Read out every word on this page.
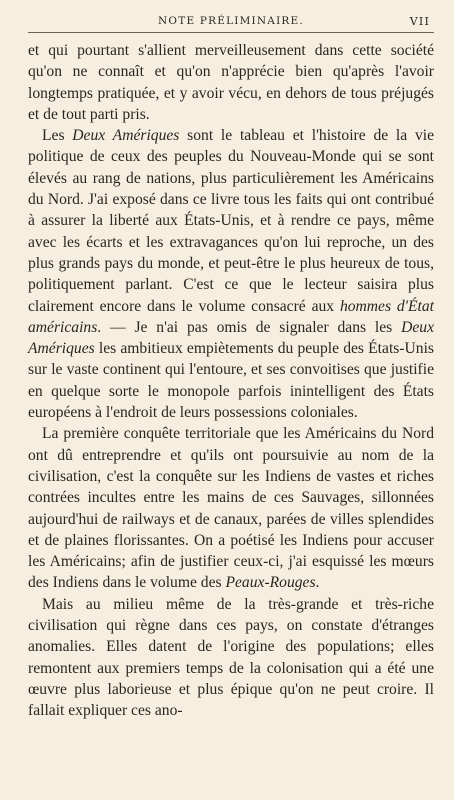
NOTE PRÉLIMINAIRE.	VII

et qui pourtant s'allient merveilleusement dans cette société qu'on ne connaît et qu'on n'apprécie bien qu'après l'avoir longtemps pratiquée, et y avoir vécu, en dehors de tous préjugés et de tout parti pris.

Les Deux Amériques sont le tableau et l'histoire de la vie politique de ceux des peuples du Nouveau-Monde qui se sont élevés au rang de nations, plus particulièrement les Américains du Nord. J'ai exposé dans ce livre tous les faits qui ont contribué à assurer la liberté aux États-Unis, et à rendre ce pays, même avec les écarts et les extravagances qu'on lui reproche, un des plus grands pays du monde, et peut-être le plus heureux de tous, politiquement parlant. C'est ce que le lecteur saisira plus clairement encore dans le volume consacré aux hommes d'État américains. — Je n'ai pas omis de signaler dans les Deux Amériques les ambitieux empiètements du peuple des États-Unis sur le vaste continent qui l'entoure, et ses convoitises que justifie en quelque sorte le monopole parfois inintelligent des États européens à l'endroit de leurs possessions coloniales.

La première conquête territoriale que les Américains du Nord ont dû entreprendre et qu'ils ont poursuivie au nom de la civilisation, c'est la conquête sur les Indiens de vastes et riches contrées incultes entre les mains de ces Sauvages, sillonnées aujourd'hui de railways et de canaux, parées de villes splendides et de plaines florissantes. On a poétisé les Indiens pour accuser les Américains; afin de justifier ceux-ci, j'ai esquissé les mœurs des Indiens dans le volume des Peaux-Rouges.

Mais au milieu même de la très-grande et très-riche civilisation qui règne dans ces pays, on constate d'étranges anomalies. Elles datent de l'origine des populations; elles remontent aux premiers temps de la colonisation qui a été une œuvre plus laborieuse et plus épique qu'on ne peut croire. Il fallait expliquer ces ano-
